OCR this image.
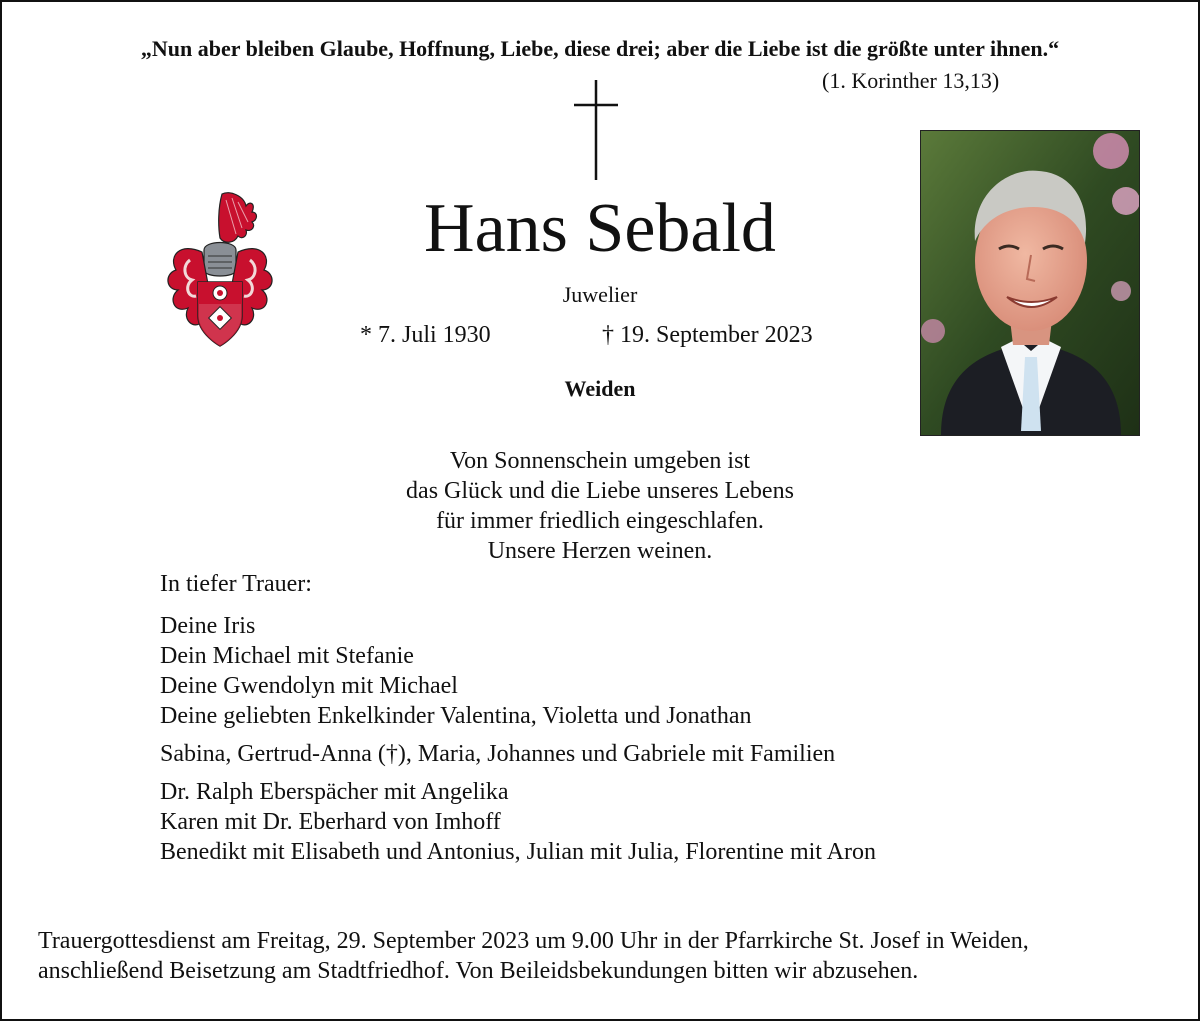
„Nun aber bleiben Glaube, Hoffnung, Liebe, diese drei; aber die Liebe ist die größte unter ihnen.“
(1. Korinther 13,13)
Hans Sebald
Juwelier
* 7. Juli 1930	† 19. September 2023
Weiden
Von Sonnenschein umgeben ist
das Glück und die Liebe unseres Lebens
für immer friedlich eingeschlafen.
Unsere Herzen weinen.
In tiefer Trauer:
Deine Iris
Dein Michael mit Stefanie
Deine Gwendolyn mit Michael
Deine geliebten Enkelkinder Valentina, Violetta und Jonathan
Sabina, Gertrud-Anna (†), Maria, Johannes und Gabriele mit Familien
Dr. Ralph Eberspächer mit Angelika
Karen mit Dr. Eberhard von Imhoff
Benedikt mit Elisabeth und Antonius, Julian mit Julia, Florentine mit Aron
Trauergottesdienst am Freitag, 29. September 2023 um 9.00 Uhr in der Pfarrkirche St. Josef in Weiden,
anschließend Beisetzung am Stadtfriedhof. Von Beileidsbekundungen bitten wir abzusehen.
